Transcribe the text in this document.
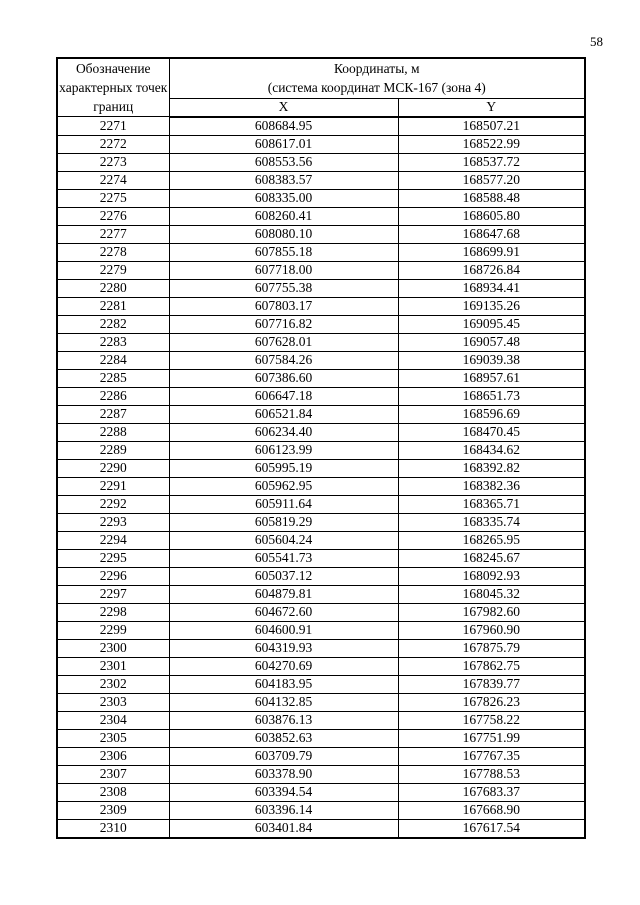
58
Обозначение характерных точек границ	Координаты, м
(система координат МСК-167 (зона 4)	

	X	Y
2271	608684.95	168507.21
2272	608617.01	168522.99
2273	608553.56	168537.72
2274	608383.57	168577.20
2275	608335.00	168588.48
2276	608260.41	168605.80
2277	608080.10	168647.68
2278	607855.18	168699.91
2279	607718.00	168726.84
2280	607755.38	168934.41
2281	607803.17	169135.26
2282	607716.82	169095.45
2283	607628.01	169057.48
2284	607584.26	169039.38
2285	607386.60	168957.61
2286	606647.18	168651.73
2287	606521.84	168596.69
2288	606234.40	168470.45
2289	606123.99	168434.62
2290	605995.19	168392.82
2291	605962.95	168382.36
2292	605911.64	168365.71
2293	605819.29	168335.74
2294	605604.24	168265.95
2295	605541.73	168245.67
2296	605037.12	168092.93
2297	604879.81	168045.32
2298	604672.60	167982.60
2299	604600.91	167960.90
2300	604319.93	167875.79
2301	604270.69	167862.75
2302	604183.95	167839.77
2303	604132.85	167826.23
2304	603876.13	167758.22
2305	603852.63	167751.99
2306	603709.79	167767.35
2307	603378.90	167788.53
2308	603394.54	167683.37
2309	603396.14	167668.90
2310	603401.84	167617.54
